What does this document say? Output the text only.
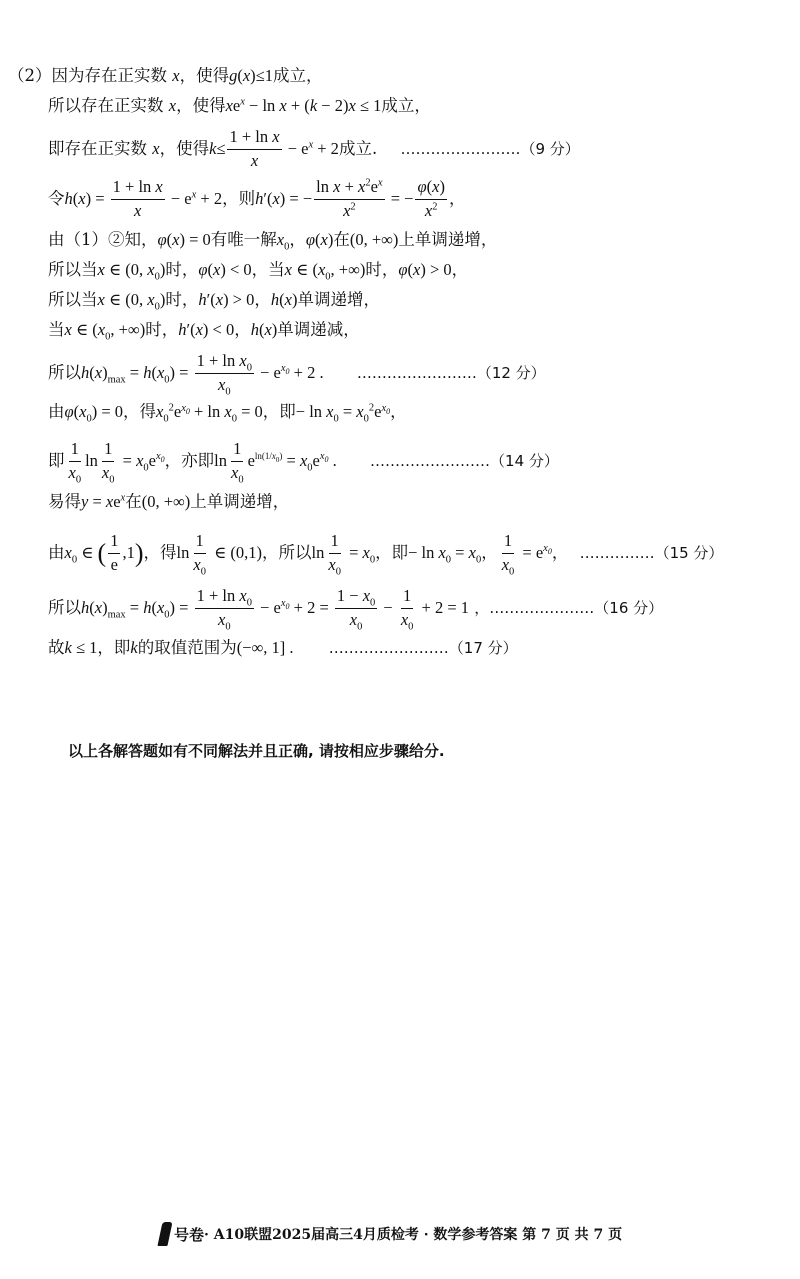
（2）因为存在正实数 x，使得g(x)≤1成立，
所以存在正实数 x，使得$xe^x - \ln x + (k - 2)x \le 1$成立，
即存在正实数 x，使得$k\le \frac{\text{1 + ln x}}{x} - e^x + 2$成立. ……………………（9 分）
令$h(x) = \frac{\text{1 + ln x}}{x} - e^x + 2$，则h′(x) = − $\frac{\ln x + x^2e^x}{x^2}$ = − $\frac{\varphi(x)}{x^2}$ ，
由（1）②知，φ(x) = 0有唯一解$x_0$，φ(x)在(0, +∞)上单调递增，
所以当x ∈ (0, $x_0$)时，φ(x) < 0，当x ∈ ($x_0$, +∞)时，φ(x) > 0，
所以当x ∈ (0, $x_0$)时，h′(x) > 0，h(x)单调递增，
当x ∈ ($x_0$, +∞)时，h′(x) < 0，h(x)单调递减，
所以$h(x)_{max} = h(x_0) = \frac{1 + \ln x_0}{x_0} - e^{x_0} + 2$ . ……………………（12 分）
由$\varphi(x_0) = 0$，得$x_0^2e^{x_0} + \ln x_0 = 0$，即− $\ln x_0 = x_0^2e^{x_0}$，
即 $\frac{1}{x_0}$ $\ln \frac{1}{x_0} = x_0e^{x_0}$，亦即$\ln \frac{1}{x_0} e^{ln(1/x_0)} = x_0e^{x_0}$ . ……………………（14 分）
易得$y = xe^x$在(0, +∞)上单调递增，
由$x_0$ ∈ ( $\frac{1}{e} ,1$)，得$\ln \frac{1}{x_0}$ ∈ (0,1)，所以$\ln \frac{1}{x_0} = x_0$，即− $\ln x_0 = x_0$， $\frac{1}{x_0} = e^{x_0}$， ……………（15 分）
所以$h(x)_{max} = h(x_0) = \frac{1 + \ln x_0}{x_0} - e^{x_0} + 2 = \frac{1 - x_0}{x_0} - \frac{1}{x_0} + 2 = 1$ ，…………………（16 分）
故k ≤ 1，即k的取值范围为(−∞, 1] . ……………………（17 分）
以上各解答题如有不同解法并且正确, 请按相应步骤给分.
号卷 · A10联盟2025届高三4月质检考 · 数学参考答案 第 7 页 共 7 页
